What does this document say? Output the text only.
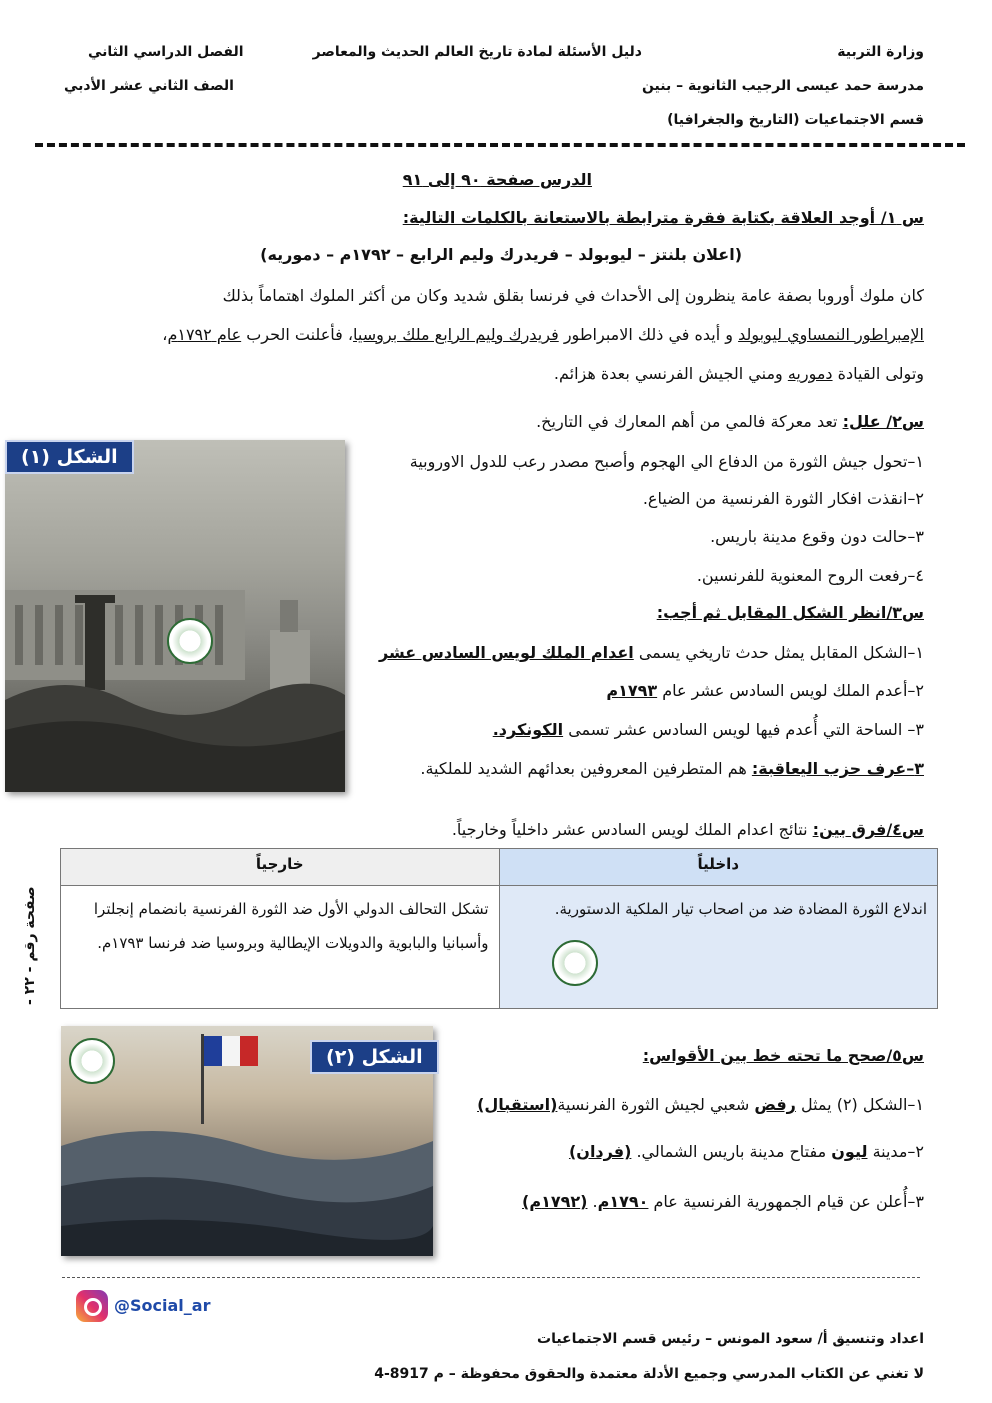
وزارة التربية
مدرسة حمد عيسى الرجيب الثانوية – بنين
قسم الاجتماعيات (التاريخ والجغرافيا)
دليل الأسئلة لمادة تاريخ العالم الحديث والمعاصر
الفصل الدراسي الثاني
الصف الثاني عشر الأدبي
الدرس صفحة ٩٠ إلى ٩١
س ١/ أوجد العلاقة بكتابة فقرة مترابطة بالاستعانة بالكلمات التالية:
(اعلان بلنتز – ليوبولد – فريدرك وليم الرابع – ١٧٩٢م – دموريه)
كان ملوك أوروبا بصفة عامة ينظرون إلى الأحداث في فرنسا بقلق شديد وكان من أكثر الملوك اهتماماً بذلك
الإمبراطور النمساوي ليوبولد و أيده في ذلك الامبراطور فريدرك وليم الرابع ملك بروسيا، فأعلنت الحرب عام ١٧٩٢م،
وتولى القيادة دموريه ومني الجيش الفرنسي بعدة هزائم.
س٢/ علل: تعد معركة فالمي من أهم المعارك في التاريخ.
١–تحول جيش الثورة من الدفاع الي الهجوم وأصبح مصدر رعب للدول الاوروبية
٢–انقذت افكار الثورة الفرنسية من الضياع.
٣–حالت دون وقوع مدينة باريس.
٤–رفعت الروح المعنوية للفرنسين.
س٣/انظر الشكل المقابل ثم أجب:
١–الشكل المقابل يمثل حدث تاريخي يسمى اعدام الملك لويس السادس عشر
٢–أعدم الملك لويس السادس عشر عام ١٧٩٣م
٣– الساحة التي أُعدم فيها لويس السادس عشر تسمى الكونكرد.
٣–عرف حزب اليعاقبة: هم المتطرفين المعروفين بعدائهم الشديد للملكية.
الشكل (١)
س٤/فرق بين: نتائج اعدام الملك لويس السادس عشر داخلياً وخارجياً.
داخلياً	خارجياً
اندلاع الثورة المضادة ضد من اصحاب تيار الملكية الدستورية.	تشكل التحالف الدولي الأول ضد الثورة الفرنسية بانضمام إنجلترا وأسبانيا والبابوية والدويلات الإيطالية وبروسيا ضد فرنسا ١٧٩٣م.
صفحة رقم - ٢٢ -
الشكل (٢)	س٥/صحح ما تحته خط بين الأقواس:
١–الشكل (٢) يمثل رفض شعبي لجيش الثورة الفرنسية(استقبال)
٢–مدينة ليون مفتاح مدينة باريس الشمالي. (فردان)
٣–أُعلن عن قيام الجمهورية الفرنسية عام ١٧٩٠م. (١٧٩٢م)
@Social_ar
اعداد وتنسيق أ/ سعود المونس – رئيس قسم الاجتماعيات
لا تغني عن الكتاب المدرسي وجميع الأدلة معتمدة والحقوق محفوظة – م 8917-4
